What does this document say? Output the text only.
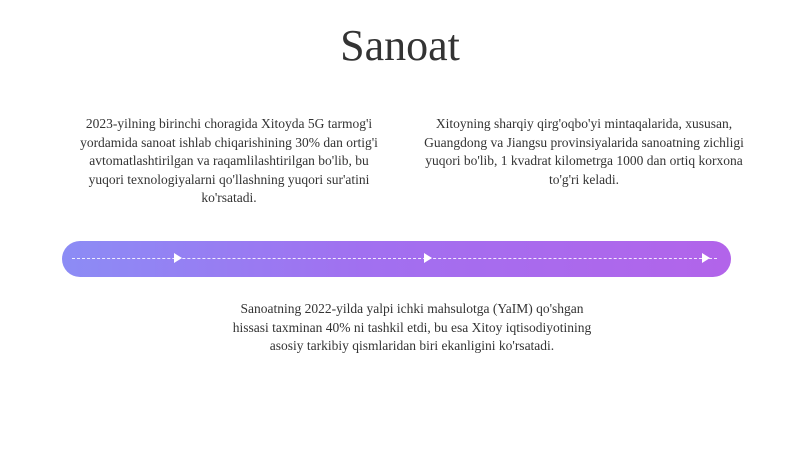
Sanoat
2023-yilning birinchi choragida Xitoyda 5G tarmog'i yordamida sanoat ishlab chiqarishining 30% dan ortig'i avtomatlashtirilgan va raqamlilashtirilgan bo'lib, bu yuqori texnologiyalarni qo'llashning yuqori sur'atini ko'rsatadi.
Xitoyning sharqiy qirg'oqbo'yi mintaqalarida, xususan, Guangdong va Jiangsu provinsiyalarida sanoatning zichligi yuqori bo'lib, 1 kvadrat kilometrga 1000 dan ortiq korxona to'g'ri keladi.
Sanoatning 2022-yilda yalpi ichki mahsulotga (YaIM) qo'shgan hissasi taxminan 40% ni tashkil etdi, bu esa Xitoy iqtisodiyotining asosiy tarkibiy qismlaridan biri ekanligini ko'rsatadi.
